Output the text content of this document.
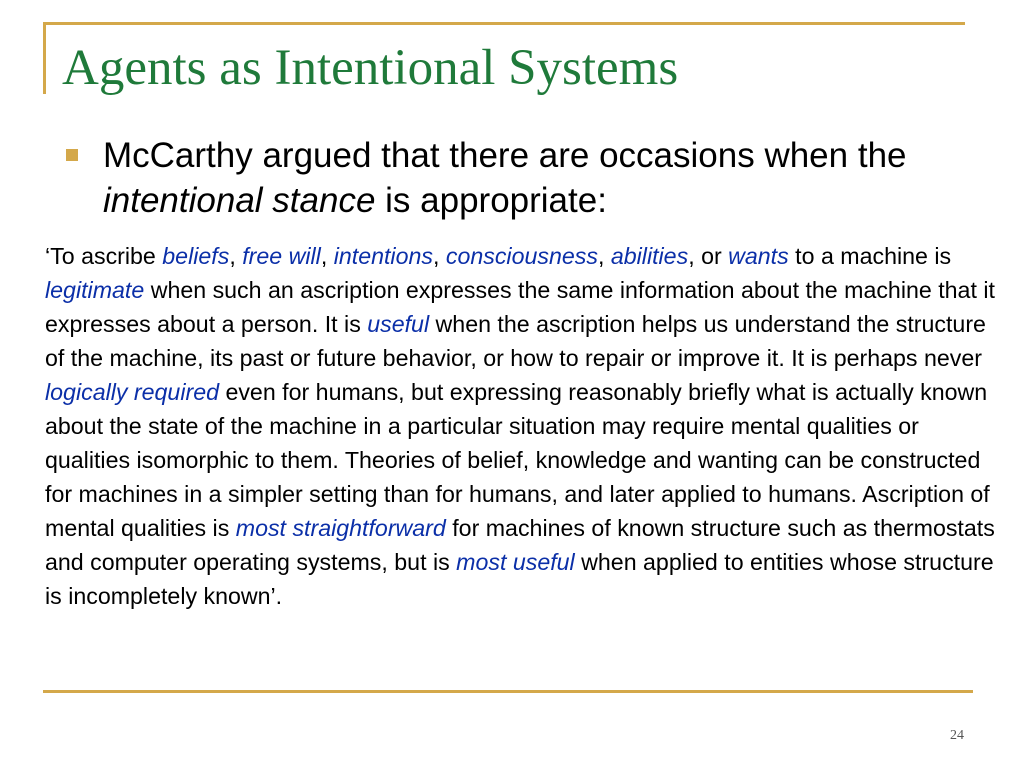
Agents as Intentional Systems

McCarthy argued that there are occasions when the intentional stance is appropriate:

‘To ascribe beliefs, free will, intentions, consciousness, abilities, or wants to a machine is legitimate when such an ascription expresses the same information about the machine that it expresses about a person. It is useful when the ascription helps us understand the structure of the machine, its past or future behavior, or how to repair or improve it. It is perhaps never logically required even for humans, but expressing reasonably briefly what is actually known about the state of the machine in a particular situation may require mental qualities or qualities isomorphic to them. Theories of belief, knowledge and wanting can be constructed for machines in a simpler setting than for humans, and later applied to humans. Ascription of mental qualities is most straightforward for machines of known structure such as thermostats and computer operating systems, but is most useful when applied to entities whose structure is incompletely known’.

24
